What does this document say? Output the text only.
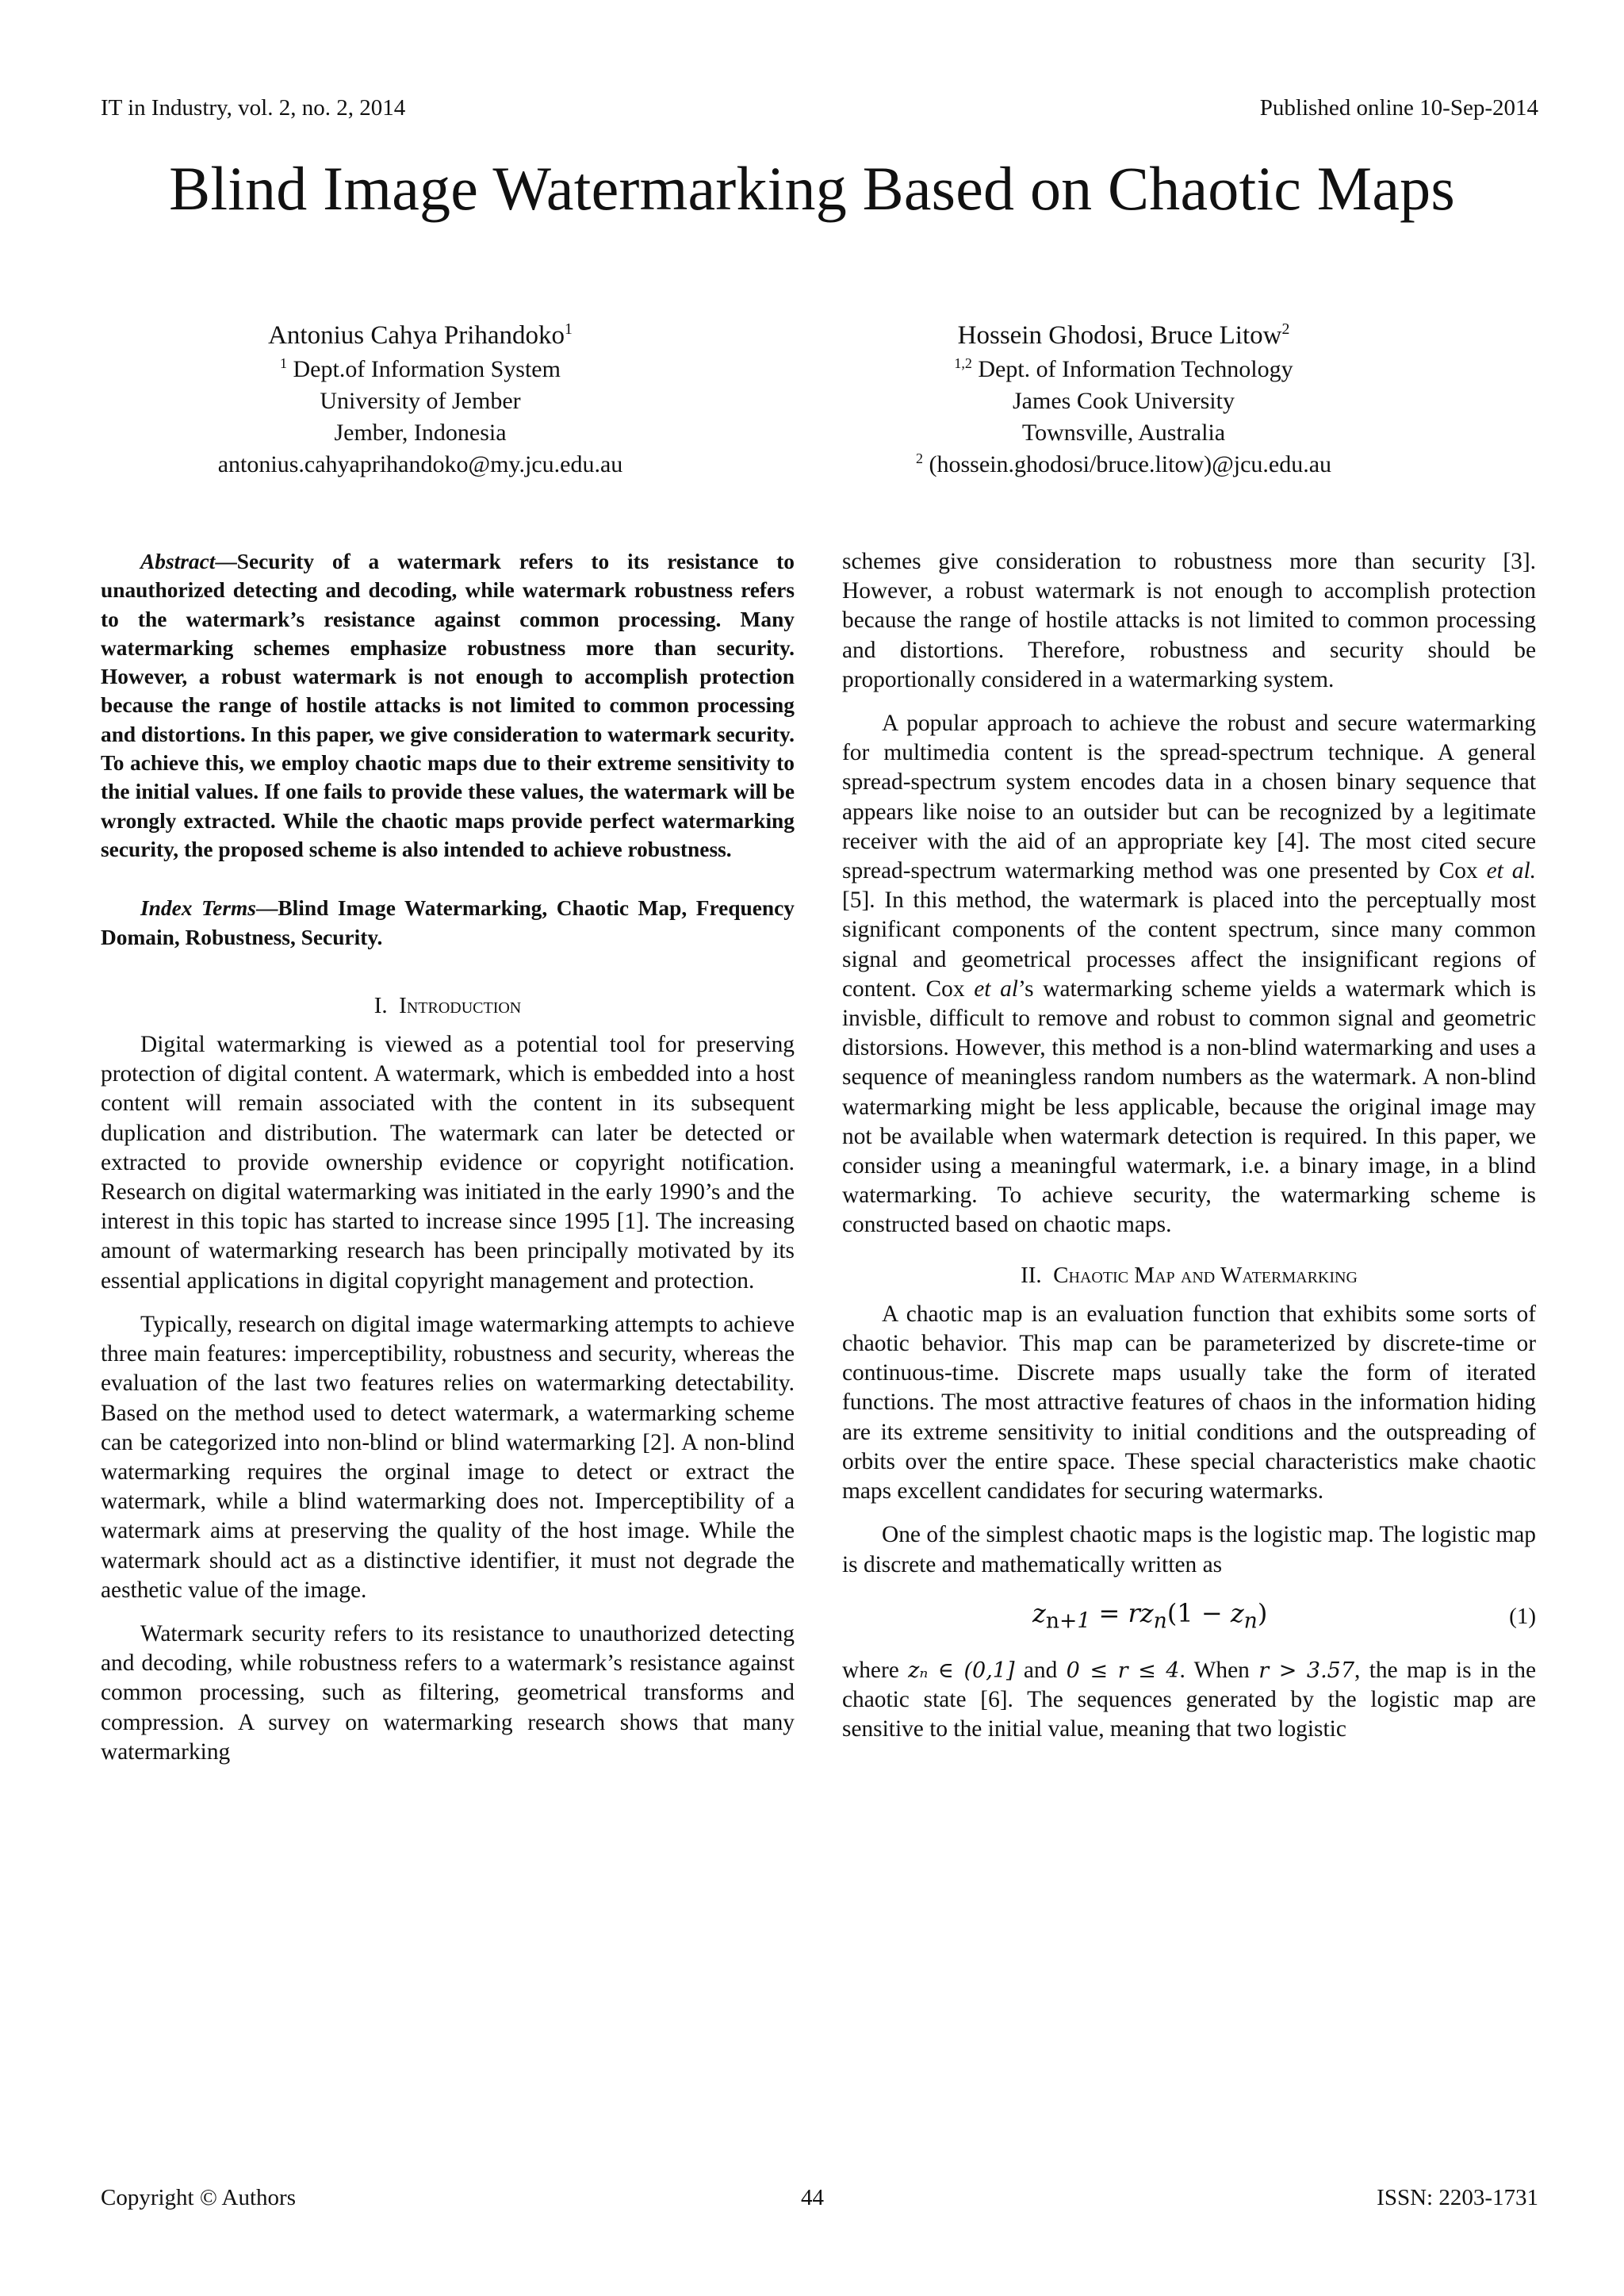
IT in Industry, vol. 2, no. 2, 2014	Published online 10-Sep-2014
Blind Image Watermarking Based on Chaotic Maps
Antonius Cahya Prihandoko$^1$
$^1$ Dept.of Information System
University of Jember
Jember, Indonesia
antonius.cahyaprihandoko@my.jcu.edu.au
Hossein Ghodosi, Bruce Litow$^2$
$^{1,2}$ Dept. of Information Technology
James Cook University
Townsville, Australia
$^2$ (hossein.ghodosi/bruce.litow)@jcu.edu.au

Abstract—Security of a watermark refers to its resistance to unauthorized detecting and decoding, while watermark robustness refers to the watermark’s resistance against common processing. Many watermarking schemes emphasize robustness more than security. However, a robust watermark is not enough to accomplish protection because the range of hostile attacks is not limited to common processing and distortions. In this paper, we give consideration to watermark security. To achieve this, we employ chaotic maps due to their extreme sensitivity to the initial values. If one fails to provide these values, the watermark will be wrongly extracted. While the chaotic maps provide perfect watermarking security, the proposed scheme is also intended to achieve robustness.

Index Terms—Blind Image Watermarking, Chaotic Map, Frequency Domain, Robustness, Security.

I. Introduction

Digital watermarking is viewed as a potential tool for preserving protection of digital content. A watermark, which is embedded into a host content will remain associated with the content in its subsequent duplication and distribution. The watermark can later be detected or extracted to provide ownership evidence or copyright notification. Research on digital watermarking was initiated in the early 1990’s and the interest in this topic has started to increase since 1995 [1]. The increasing amount of watermarking research has been principally motivated by its essential applications in digital copyright management and protection.

Typically, research on digital image watermarking attempts to achieve three main features: imperceptibility, robustness and security, whereas the evaluation of the last two features relies on watermarking detectability. Based on the method used to detect watermark, a watermarking scheme can be categorized into non-blind or blind watermarking [2]. A non-blind watermarking requires the orginal image to detect or extract the watermark, while a blind watermarking does not. Imperceptibility of a watermark aims at preserving the quality of the host image. While the watermark should act as a distinctive identifier, it must not degrade the aesthetic value of the image.

Watermark security refers to its resistance to unauthorized detecting and decoding, while robustness refers to a watermark’s resistance against common processing, such as filtering, geometrical transforms and compression. A survey on watermarking research shows that many watermarking

schemes give consideration to robustness more than security [3]. However, a robust watermark is not enough to accomplish protection because the range of hostile attacks is not limited to common processing and distortions. Therefore, robustness and security should be proportionally considered in a watermarking system.

A popular approach to achieve the robust and secure watermarking for multimedia content is the spread-spectrum technique. A general spread-spectrum system encodes data in a chosen binary sequence that appears like noise to an outsider but can be recognized by a legitimate receiver with the aid of an appropriate key [4]. The most cited secure spread-spectrum watermarking method was one presented by Cox et al. [5]. In this method, the watermark is placed into the perceptually most significant components of the content spectrum, since many common signal and geometrical processes affect the insignificant regions of content. Cox et al’s watermarking scheme yields a watermark which is invisble, difficult to remove and robust to common signal and geometric distorsions. However, this method is a non-blind watermarking and uses a sequence of meaningless random numbers as the watermark. A non-blind watermarking might be less applicable, because the original image may not be available when watermark detection is required. In this paper, we consider using a meaningful watermark, i.e. a binary image, in a blind watermarking. To achieve security, the watermarking scheme is constructed based on chaotic maps.

II. Chaotic Map and Watermarking

A chaotic map is an evaluation function that exhibits some sorts of chaotic behavior. This map can be parameterized by discrete-time or continuous-time. Discrete maps usually take the form of iterated functions. The most attractive features of chaos in the information hiding are its extreme sensitivity to initial conditions and the outspreading of orbits over the entire space. These special characteristics make chaotic maps excellent candidates for securing watermarks.

One of the simplest chaotic maps is the logistic map. The logistic map is discrete and mathematically written as

$z_{n+1} = rz_n(1 - z_n)$	(1)

where zₙ ∈ (0,1] and 0 ≤ r ≤ 4. When r > 3.57, the map is in the chaotic state [6]. The sequences generated by the logistic map are sensitive to the initial value, meaning that two logistic

Copyright © Authors	44	ISSN: 2203-1731
